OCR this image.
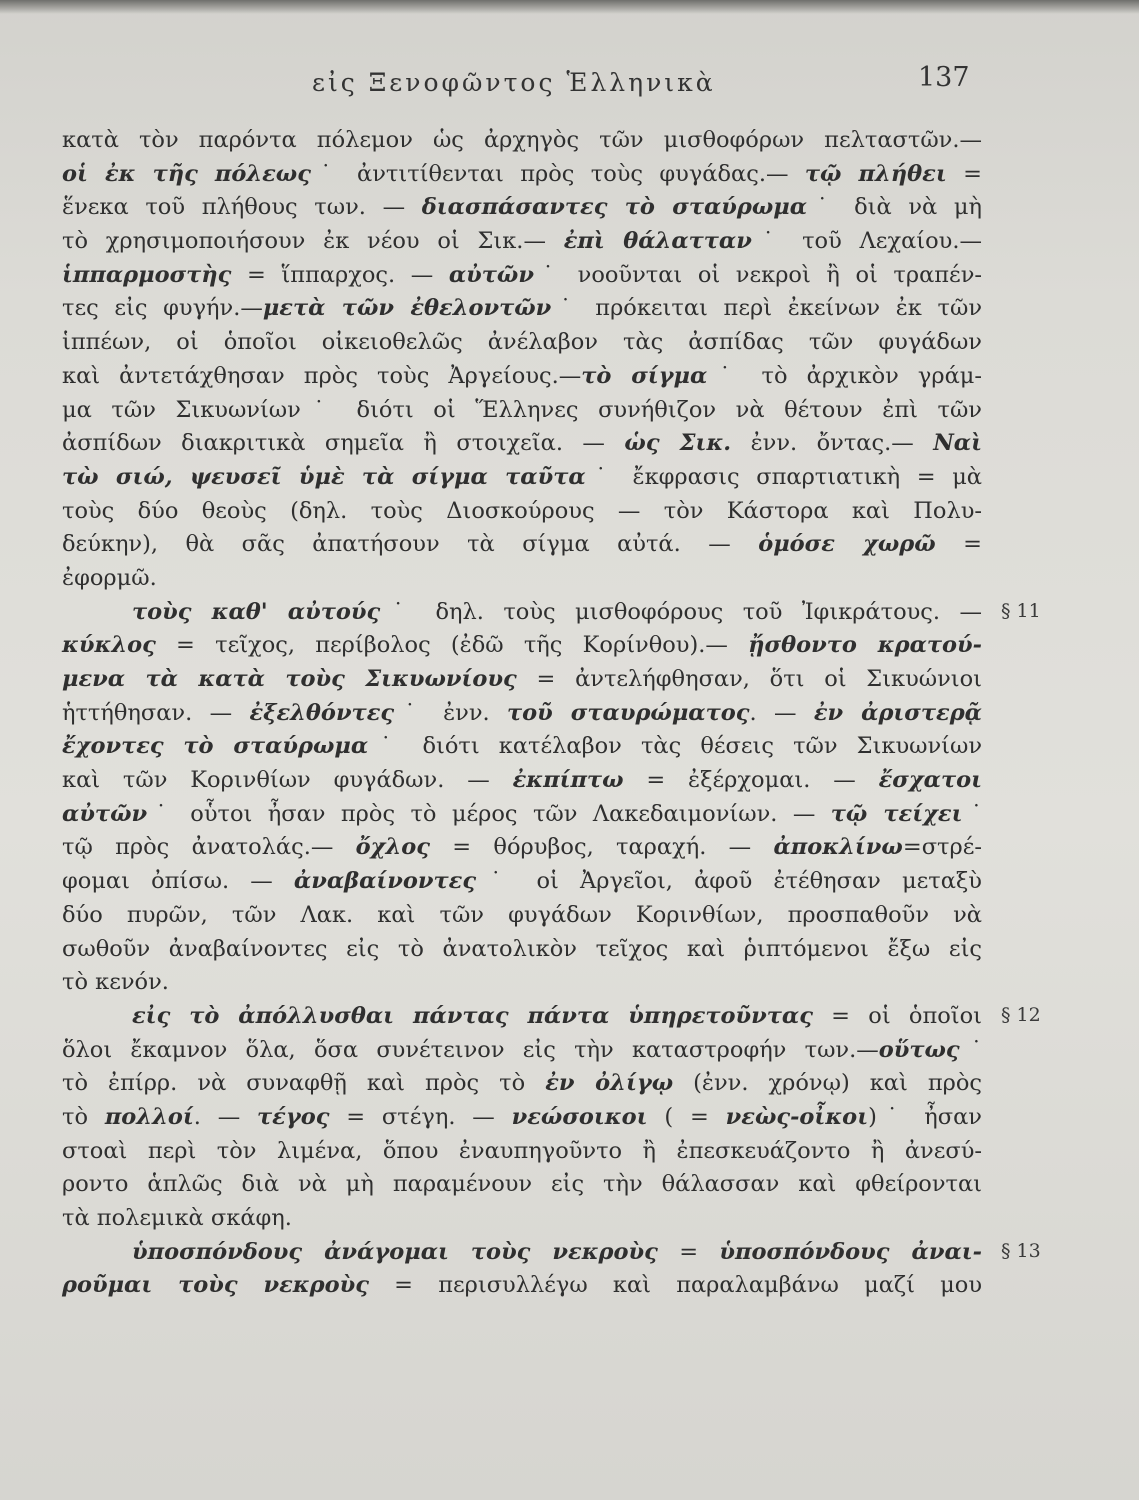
εἰς Ξενοφῶντος Ἑλληνικὰ	137
κατὰ τὸν παρόντα πόλεμον ὡς ἀρχηγὸς τῶν μισθοφόρων πελταστῶν.—
οἱ ἐκ τῆς πόλεως˙ ἀντιτίθενται πρὸς τοὺς φυγάδας.— τῷ πλήθει =
ἕνεκα τοῦ πλήθους των. — διασπάσαντες τὸ σταύρωμα˙ διὰ νὰ μὴ
τὸ χρησιμοποιήσουν ἐκ νέου οἱ Σικ.— ἐπὶ θάλατταν˙ τοῦ Λεχαίου.—
ἱππαρμοστὴς = ἵππαρχος. — αὐτῶν˙ νοοῦνται οἱ νεκροὶ ἢ οἱ τραπέν-
τες εἰς φυγήν.—μετὰ τῶν ἐθελοντῶν˙ πρόκειται περὶ ἐκείνων ἐκ τῶν
ἱππέων, οἱ ὁποῖοι οἰκειοθελῶς ἀνέλαβον τὰς ἀσπίδας τῶν φυγάδων
καὶ ἀντετάχθησαν πρὸς τοὺς Ἀργείους.—τὸ σίγμα˙ τὸ ἀρχικὸν γράμ-
μα τῶν Σικυωνίων˙ διότι οἱ Ἕλληνες συνήθιζον νὰ θέτουν ἐπὶ τῶν
ἀσπίδων διακριτικὰ σημεῖα ἢ στοιχεῖα. — ὡς Σικ. ἐνν. ὄντας.— Ναὶ
τὼ σιώ, ψευσεῖ ὑμὲ τὰ σίγμα ταῦτα˙ ἔκφρασις σπαρτιατικὴ = μὰ
τοὺς δύο θεοὺς (δηλ. τοὺς Διοσκούρους — τὸν Κάστορα καὶ Πολυ-
δεύκην), θὰ σᾶς ἀπατήσουν τὰ σίγμα αὐτά. — ὁμόσε χωρῶ =
ἐφορμῶ.
τοὺς καθ' αὐτούς˙ δηλ. τοὺς μισθοφόρους τοῦ Ἰφικράτους. —
κύκλος = τεῖχος, περίβολος (ἐδῶ τῆς Κορίνθου).— ᾔσθοντο κρατού-
μενα τὰ κατὰ τοὺς Σικυωνίους = ἀντελήφθησαν, ὅτι οἱ Σικυώνιοι
ἡττήθησαν. — ἐξελθόντες˙ ἐνν. τοῦ σταυρώματος. — ἐν ἀριστερᾷ
ἔχοντες τὸ σταύρωμα˙ διότι κατέλαβον τὰς θέσεις τῶν Σικυωνίων
καὶ τῶν Κορινθίων φυγάδων. — ἐκπίπτω = ἐξέρχομαι. — ἔσχατοι
αὐτῶν˙ οὗτοι ἦσαν πρὸς τὸ μέρος τῶν Λακεδαιμονίων. — τῷ τείχει˙
τῷ πρὸς ἀνατολάς.— ὄχλος = θόρυβος, ταραχή. — ἀποκλίνω=στρέ-
φομαι ὀπίσω. — ἀναβαίνοντες˙ οἱ Ἀργεῖοι, ἀφοῦ ἐτέθησαν μεταξὺ
δύο πυρῶν, τῶν Λακ. καὶ τῶν φυγάδων Κορινθίων, προσπαθοῦν νὰ
σωθοῦν ἀναβαίνοντες εἰς τὸ ἀνατολικὸν τεῖχος καὶ ῥιπτόμενοι ἔξω εἰς
τὸ κενόν.
εἰς τὸ ἀπόλλυσθαι πάντας πάντα ὑπηρετοῦντας = οἱ ὁποῖοι
ὅλοι ἔκαμνον ὅλα, ὅσα συνέτεινον εἰς τὴν καταστροφήν των.—οὕτως˙
τὸ ἐπίρρ. νὰ συναφθῇ καὶ πρὸς τὸ ἐν ὀλίγῳ (ἐνν. χρόνῳ) καὶ πρὸς
τὸ πολλοί. — τέγος = στέγη. — νεώσοικοι ( = νεὼς-οἶκοι)˙ ἦσαν
στοαὶ περὶ τὸν λιμένα, ὅπου ἐναυπηγοῦντο ἢ ἐπεσκευάζοντο ἢ ἀνεσύ-
ροντο ἁπλῶς διὰ νὰ μὴ παραμένουν εἰς τὴν θάλασσαν καὶ φθείρονται
τὰ πολεμικὰ σκάφη.
ὑποσπόνδους ἀνάγομαι τοὺς νεκροὺς = ὑποσπόνδους ἀναι-
ροῦμαι τοὺς νεκροὺς = περισυλλέγω καὶ παραλαμβάνω μαζί μου
§ 11
§ 12
§ 13
